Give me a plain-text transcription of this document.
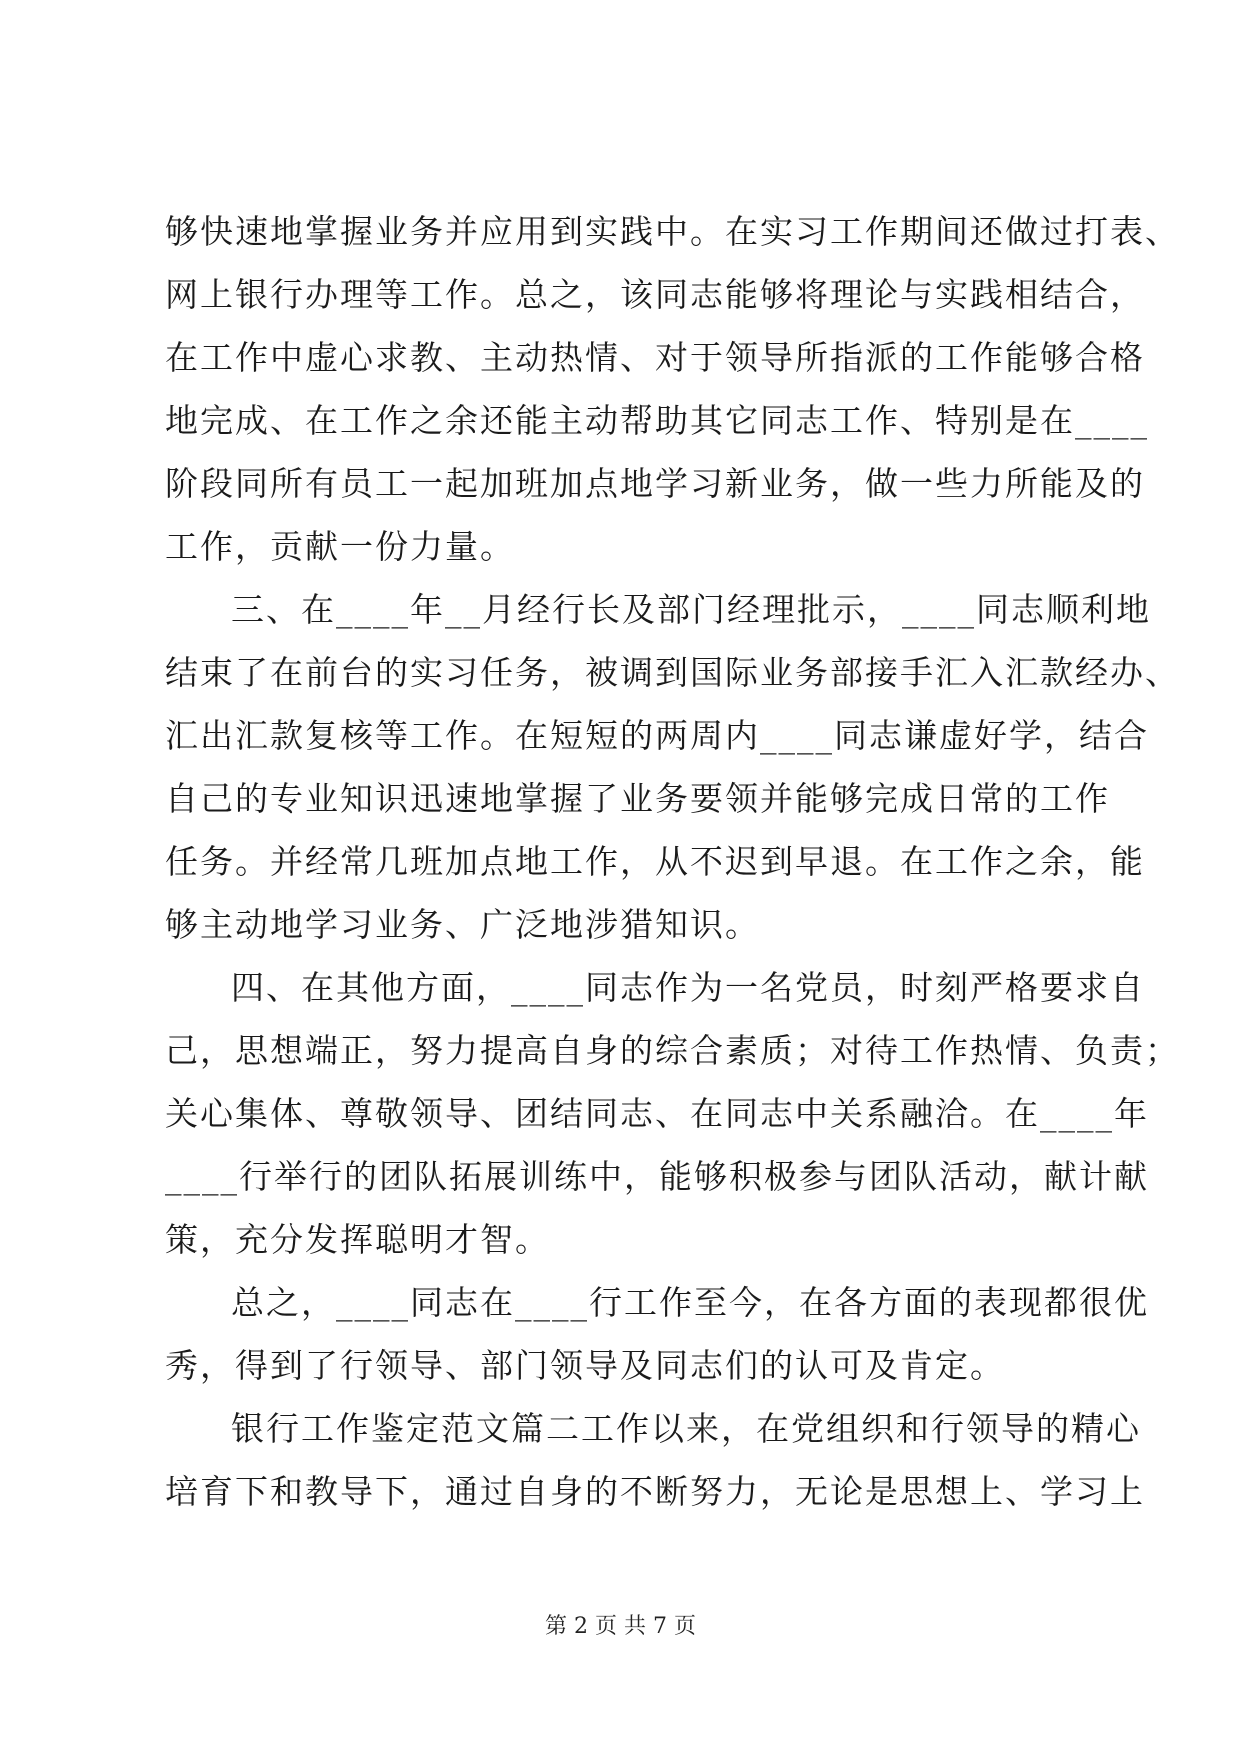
够快速地掌握业务并应用到实践中。在实习工作期间还做过打表、
网上银行办理等工作。总之，该同志能够将理论与实践相结合，
在工作中虚心求教、主动热情、对于领导所指派的工作能够合格
地完成、在工作之余还能主动帮助其它同志工作、特别是在____
阶段同所有员工一起加班加点地学习新业务，做一些力所能及的
工作，贡献一份力量。
三、在____年__月经行长及部门经理批示，____同志顺利地
结束了在前台的实习任务，被调到国际业务部接手汇入汇款经办、
汇出汇款复核等工作。在短短的两周内____同志谦虚好学，结合
自己的专业知识迅速地掌握了业务要领并能够完成日常的工作
任务。并经常几班加点地工作，从不迟到早退。在工作之余，能
够主动地学习业务、广泛地涉猎知识。
四、在其他方面，____同志作为一名党员，时刻严格要求自
己，思想端正，努力提高自身的综合素质；对待工作热情、负责；
关心集体、尊敬领导、团结同志、在同志中关系融洽。在____年
____行举行的团队拓展训练中，能够积极参与团队活动，献计献
策，充分发挥聪明才智。
总之，____同志在____行工作至今，在各方面的表现都很优
秀，得到了行领导、部门领导及同志们的认可及肯定。
银行工作鉴定范文篇二工作以来，在党组织和行领导的精心
培育下和教导下，通过自身的不断努力，无论是思想上、学习上
第 2 页 共 7 页
